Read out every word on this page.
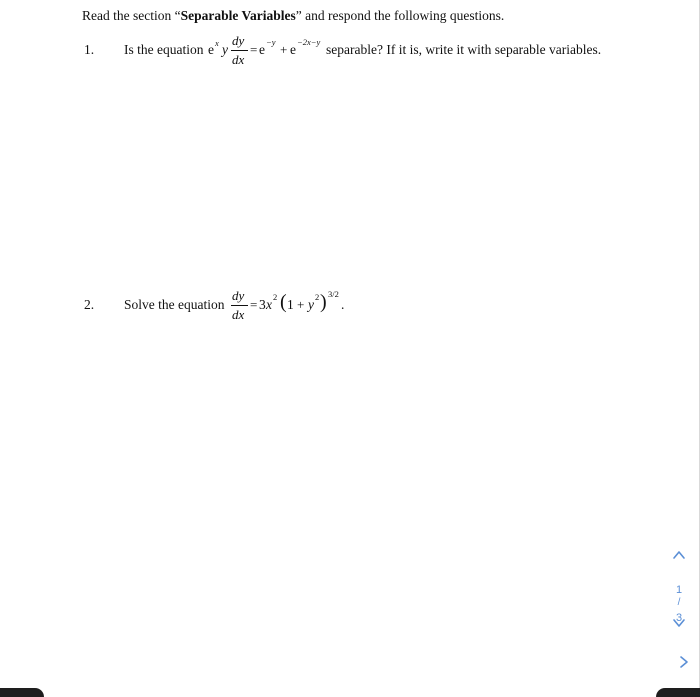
Read the section “Separable Variables” and respond the following questions.
1. Is the equation e x y
dy
dx
= e −y + e −2x−y separable? If it is, write it with separable variables.
2. Solve the equation
dy
dx
= 3 x 2 ( 1 + y 2 ) 3/2
.
1
/
3
